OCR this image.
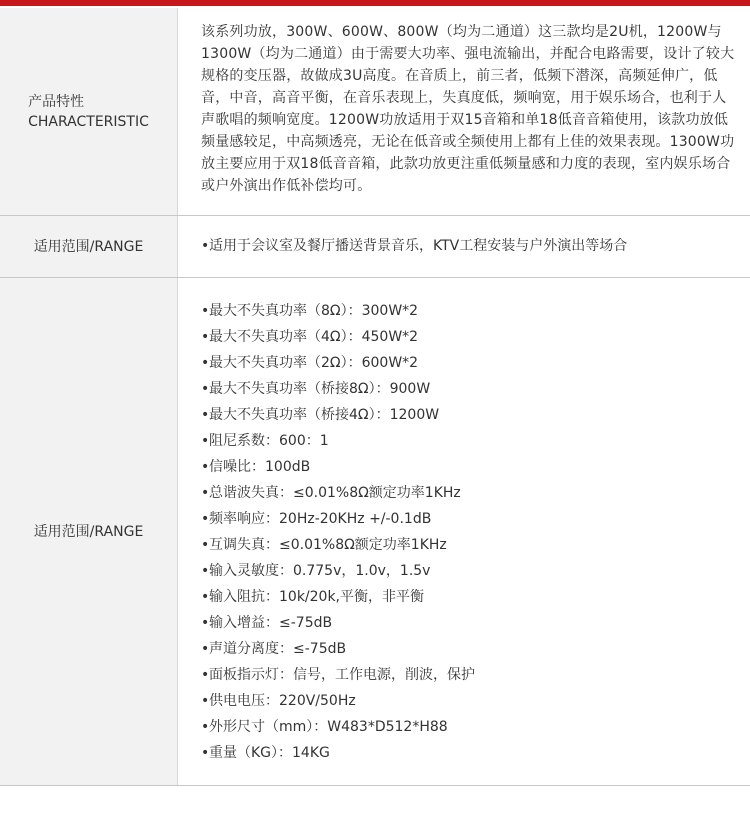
产品特性
CHARACTERISTIC
该系列功放，300W、600W、800W（均为二通道）这三款均是2U机，1200W与1300W（均为二通道）由于需要大功率、强电流输出，并配合电路需要，设计了较大规格的变压器，故做成3U高度。在音质上，前三者，低频下潜深，高频延伸广，低音，中音，高音平衡，在音乐表现上，失真度低，频响宽，用于娱乐场合，也利于人声歌唱的频响宽度。1200W功放适用于双15音箱和单18低音音箱使用，该款功放低频量感较足，中高频透亮，无论在低音或全频使用上都有上佳的效果表现。1300W功放主要应用于双18低音音箱，此款功放更注重低频量感和力度的表现，室内娱乐场合或户外演出作低补偿均可。
适用范围/RANGE	•适用于会议室及餐厅播送背景音乐，KTV工程安装与户外演出等场合
适用范围/RANGE
•最大不失真功率（8Ω）：300W*2
•最大不失真功率（4Ω）：450W*2
•最大不失真功率（2Ω）：600W*2
•最大不失真功率（桥接8Ω）：900W
•最大不失真功率（桥接4Ω）：1200W
•阻尼系数：600：1
•信噪比：100dB
•总谐波失真：≤0.01%8Ω额定功率1KHz
•频率响应：20Hz-20KHz +/-0.1dB
•互调失真：≤0.01%8Ω额定功率1KHz
•输入灵敏度：0.775v，1.0v，1.5v
•输入阻抗：10k/20k,平衡，非平衡
•输入增益：≤-75dB
•声道分离度：≤-75dB
•面板指示灯：信号，工作电源，削波，保护
•供电电压：220V/50Hz
•外形尺寸（mm）：W483*D512*H88
•重量（KG）：14KG
